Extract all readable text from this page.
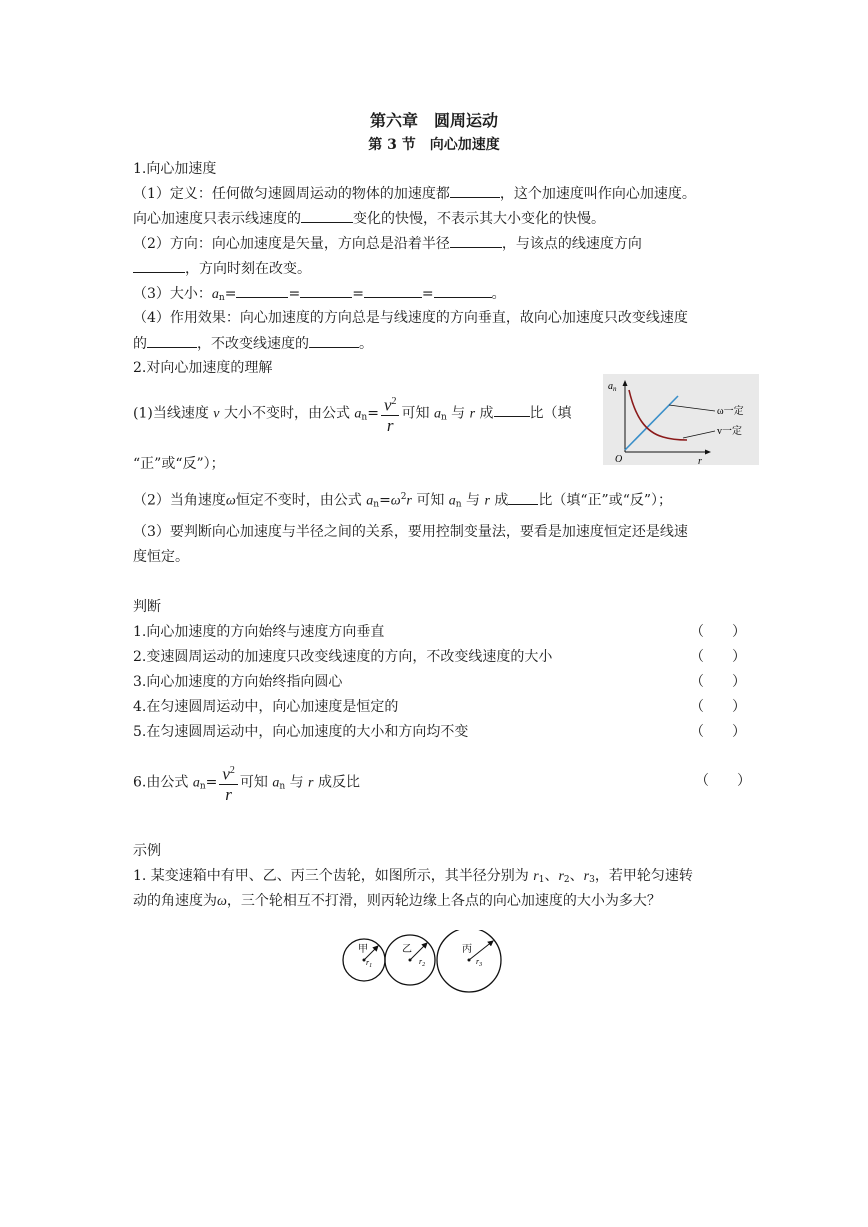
第六章　圆周运动
第 3 节　向心加速度
1.向心加速度
（1）定义：任何做匀速圆周运动的物体的加速度都	，这个加速度叫作向心加速度。
向心加速度只表示线速度的	变化的快慢，不表示其大小变化的快慢。
（2）方向：向心加速度是矢量，方向总是沿着半径	，与该点的线速度方向
，方向时刻在改变。
（3）大小：$a_n=$	=	=	=	。
（4）作用效果：向心加速度的方向总是与线速度的方向垂直，故向心加速度只改变线速度
的	，不改变线速度的	。
2.对向心加速度的理解
(1)当线速度 v 大小不变时，由公式 $a_n= \frac{v^2}{r}$ 可知 $a_n$ 与 r 成	比（填
“正”或“反”）；
$a_n$
r
O
ω一定
v一定
（2）当角速度ω恒定不变时，由公式 $a_n=\omega^2r$ 可知 $a_n$ 与 r 成 比（填“正”或“反”）；
（3）要判断向心加速度与半径之间的关系，要用控制变量法，要看是加速度恒定还是线速
度恒定。
判断
1.向心加速度的方向始终与速度方向垂直	（　　）
2.变速圆周运动的加速度只改变线速度的方向，不改变线速度的大小	（　　）
3.向心加速度的方向始终指向圆心	（　　）
4.在匀速圆周运动中，向心加速度是恒定的	（　　）
5.在匀速圆周运动中，向心加速度的大小和方向均不变	（　　）
6.由公式 $a_n= \frac{v^2}{r}$ 可知 $a_n$ 与 r 成反比	（　　）
示例
1. 某变速箱中有甲、乙、丙三个齿轮，如图所示，其半径分别为 $r_1$、$r_2$、$r_3$，若甲轮匀速转
动的角速度为ω，三个轮相互不打滑，则丙轮边缘上各点的向心加速度的大小为多大？
甲
$r_1$
乙
$r_2$
丙
$r_3$
